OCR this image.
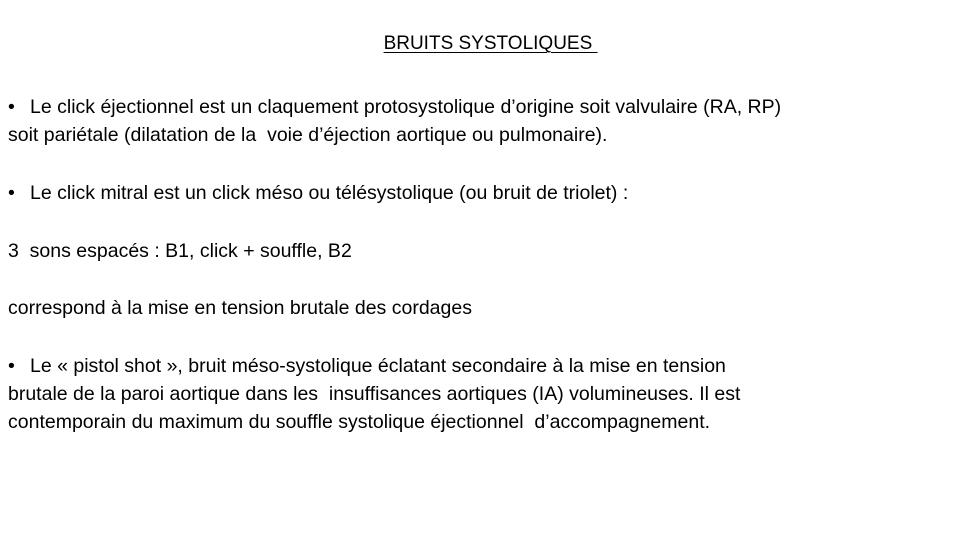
BRUITS SYSTOLIQUES

• Le click éjectionnel est un claquement protosystolique d’origine soit valvulaire (RA, RP)
soit pariétale (dilatation de la  voie d’éjection aortique ou pulmonaire).
• Le click mitral est un click méso ou télésystolique (ou bruit de triolet) :
3  sons espacés : B1, click + souffle, B2
correspond à la mise en tension brutale des cordages
• Le « pistol shot », bruit méso-systolique éclatant secondaire à la mise en tension
brutale de la paroi aortique dans les  insuffisances aortiques (IA) volumineuses. Il est
contemporain du maximum du souffle systolique éjectionnel  d’accompagnement.
